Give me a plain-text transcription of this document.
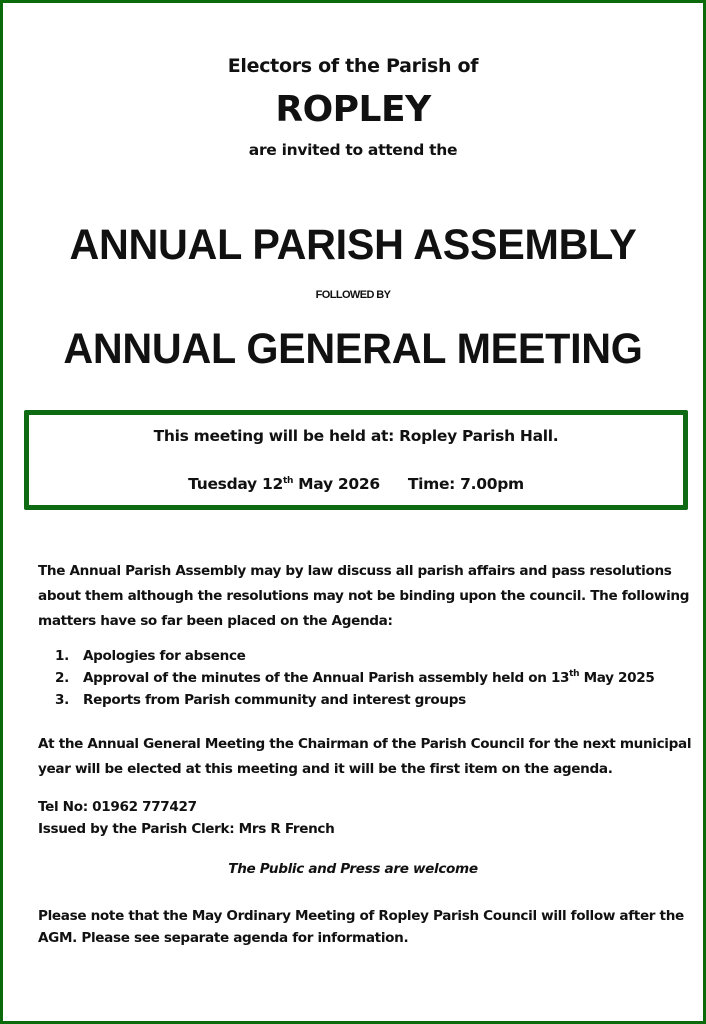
Electors of the Parish of
ROPLEY
are invited to attend the
ANNUAL PARISH ASSEMBLY
FOLLOWED BY
ANNUAL GENERAL MEETING
This meeting will be held at: Ropley Parish Hall.
Tuesday 12th May 2026 Time: 7.00pm
The Annual Parish Assembly may by law discuss all parish affairs and pass resolutions about them although the resolutions may not be binding upon the council. The following matters have so far been placed on the Agenda:
1. Apologies for absence
2. Approval of the minutes of the Annual Parish assembly held on 13th May 2025
3. Reports from Parish community and interest groups
At the Annual General Meeting the Chairman of the Parish Council for the next municipal year will be elected at this meeting and it will be the first item on the agenda.
Tel No: 01962 777427
Issued by the Parish Clerk: Mrs R French
The Public and Press are welcome
Please note that the May Ordinary Meeting of Ropley Parish Council will follow after the AGM. Please see separate agenda for information.
